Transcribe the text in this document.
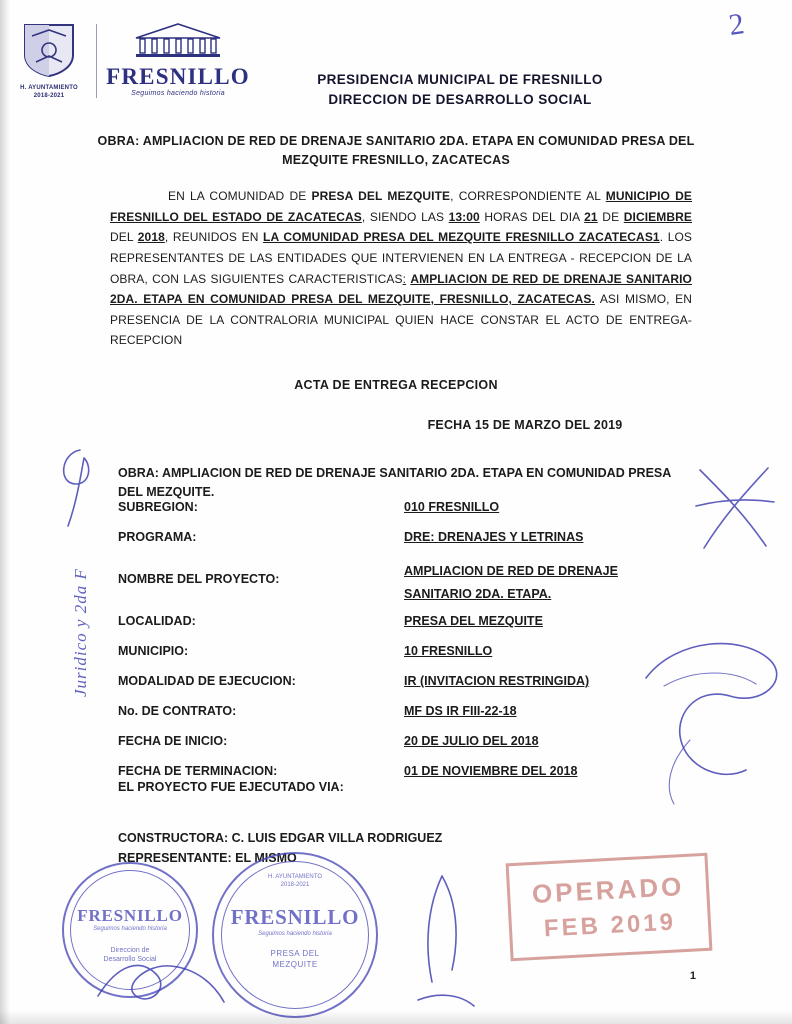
H. AYUNTAMIENTO
2018-2021
FRESNILLO
Seguimos haciendo historia
PRESIDENCIA MUNICIPAL DE FRESNILLO
DIRECCION DE DESARROLLO SOCIAL
2
OBRA: AMPLIACION DE RED DE DRENAJE SANITARIO 2DA. ETAPA EN COMUNIDAD PRESA DEL MEZQUITE FRESNILLO, ZACATECAS
EN LA COMUNIDAD DE PRESA DEL MEZQUITE, CORRESPONDIENTE AL MUNICIPIO DE FRESNILLO DEL ESTADO DE ZACATECAS, SIENDO LAS 13:00 HORAS DEL DIA 21 DE DICIEMBRE DEL 2018, REUNIDOS EN LA COMUNIDAD PRESA DEL MEZQUITE FRESNILLO ZACATECAS1. LOS REPRESENTANTES DE LAS ENTIDADES QUE INTERVIENEN EN LA ENTREGA - RECEPCION DE LA OBRA, CON LAS SIGUIENTES CARACTERISTICAS: AMPLIACION DE RED DE DRENAJE SANITARIO 2DA. ETAPA EN COMUNIDAD PRESA DEL MEZQUITE, FRESNILLO, ZACATECAS. ASI MISMO, EN PRESENCIA DE LA CONTRALORIA MUNICIPAL QUIEN HACE CONSTAR EL ACTO DE ENTREGA-RECEPCION
ACTA DE ENTREGA RECEPCION
FECHA 15 DE MARZO DEL 2019
OBRA: AMPLIACION DE RED DE DRENAJE SANITARIO 2DA. ETAPA EN COMUNIDAD PRESA DEL MEZQUITE.
SUBREGION:	010 FRESNILLO
PROGRAMA:	DRE: DRENAJES Y LETRINAS
NOMBRE DEL PROYECTO:
AMPLIACION DE RED DE DRENAJE
SANITARIO 2DA. ETAPA.
LOCALIDAD:	PRESA DEL MEZQUITE
MUNICIPIO:	10 FRESNILLO
MODALIDAD DE EJECUCION:	IR (INVITACION RESTRINGIDA)
No. DE CONTRATO:	MF DS IR FIII-22-18
FECHA DE INICIO:	20 DE JULIO DEL 2018
FECHA DE TERMINACION:	01 DE NOVIEMBRE DEL 2018
EL PROYECTO FUE EJECUTADO VIA:
CONSTRUCTORA: C. LUIS EDGAR VILLA RODRIGUEZ
REPRESENTANTE: EL MISMO
1
FRESNILLO
Seguimos haciendo historia
Direccion de
Desarrollo Social
H. AYUNTAMIENTO
2018-2021
FRESNILLO
Seguimos haciendo historia
PRESA DEL
MEZQUITE
OPERADO
FEB 2019
Juridico y 2da F
